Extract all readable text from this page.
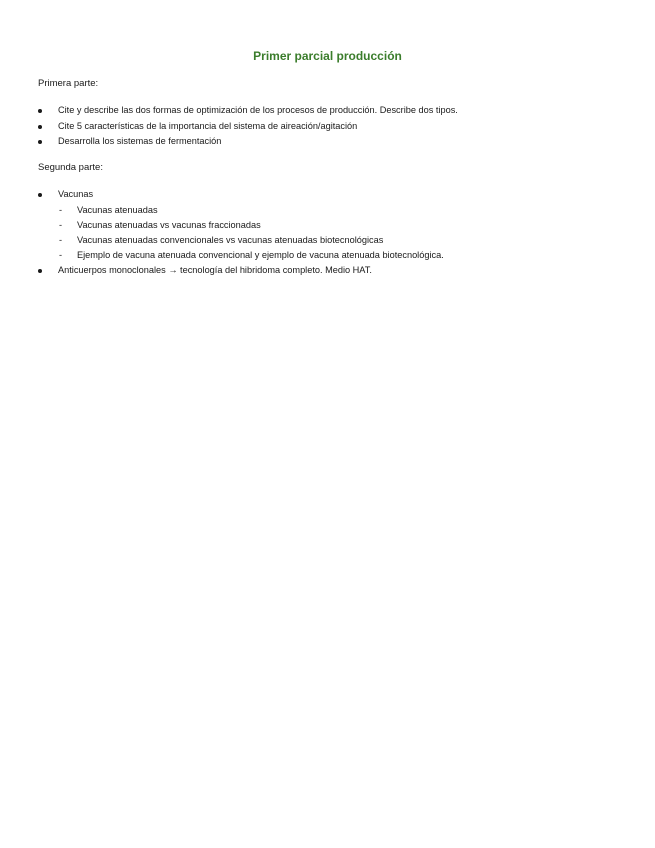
Primer parcial producción
Primera parte:
Cite y describe las dos formas de optimización de los procesos de producción. Describe dos tipos.
Cite 5 características de la importancia del sistema de aireación/agitación
Desarrolla los sistemas de fermentación
Segunda parte:
Vacunas
- Vacunas atenuadas
- Vacunas atenuadas vs vacunas fraccionadas
- Vacunas atenuadas convencionales vs vacunas atenuadas biotecnológicas
- Ejemplo de vacuna atenuada convencional y ejemplo de vacuna atenuada biotecnológica.
Anticuerpos monoclonales → tecnología del hibridoma completo. Medio HAT.
